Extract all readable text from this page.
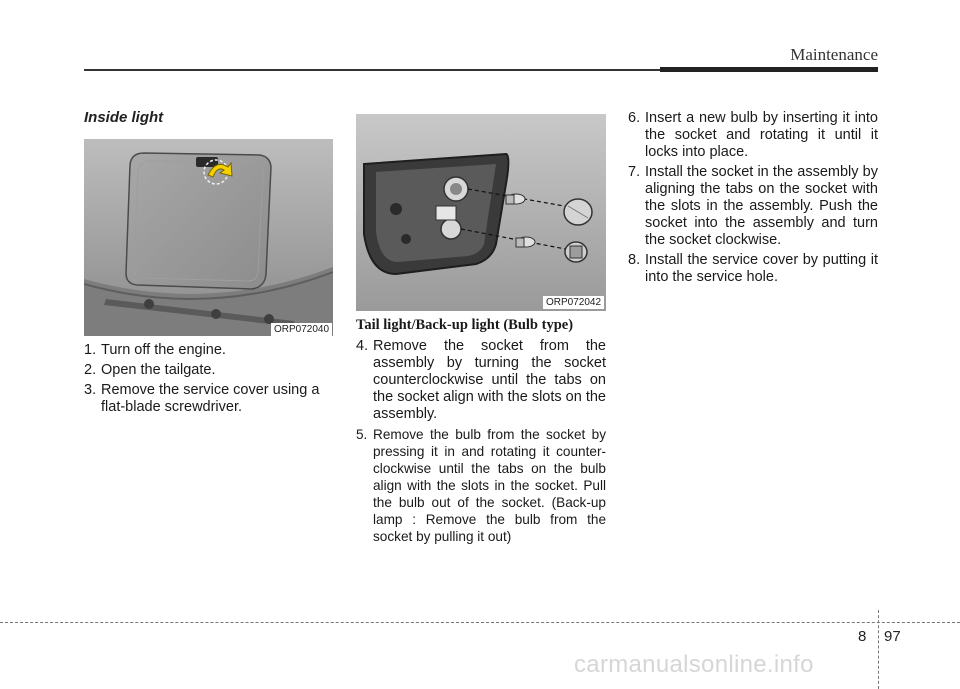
Maintenance
Inside light
ORP072040
ORP072042
1. Turn off the engine.
2. Open the tailgate.
3. Remove the service cover using a flat-blade screwdriver.
Tail light/Back-up light (Bulb type)
4. Remove the socket from the assembly by turning the socket counterclockwise until the tabs on the socket align with the slots on the assembly.
5. Remove the bulb from the socket by pressing it in and rotating it counter-clockwise until the tabs on the bulb align with the slots in the socket. Pull the bulb out of the socket. (Back-up lamp : Remove the bulb from the socket by pulling it out)
6. Insert a new bulb by inserting it into the socket and rotating it until it locks into place.
7. Install the socket in the assembly by aligning the tabs on the socket with the slots in the assembly. Push the socket into the assembly and turn the socket clockwise.
8. Install the service cover by putting it into the service hole.
8 97
carmanualsonline.info
